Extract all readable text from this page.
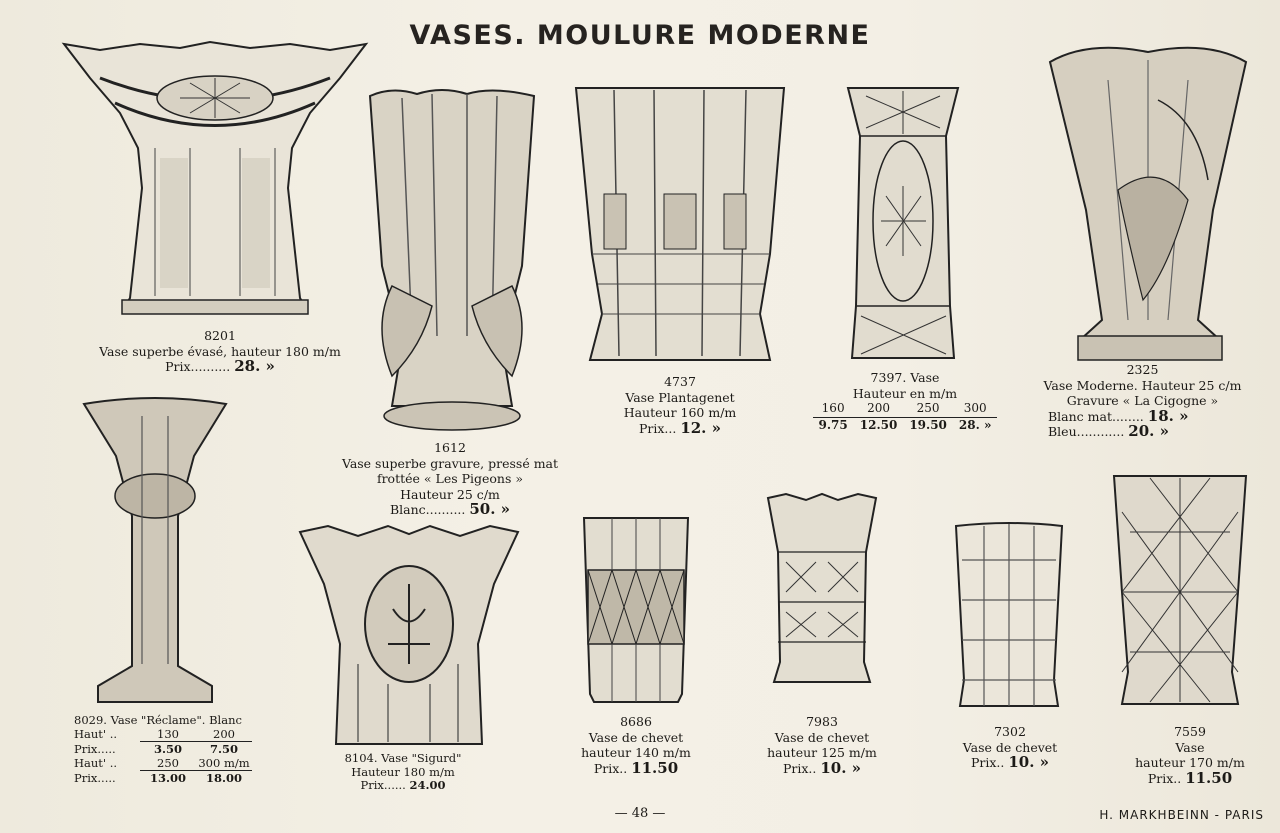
VASES. MOULURE MODERNE
8201
Vase superbe évasé, hauteur 180 m/m
Prix.......... 28. »
1612
Vase superbe gravure, pressé mat
frottée « Les Pigeons »
Hauteur 25 c/m
Blanc.......... 50. »
4737
Vase Plantagenet
Hauteur 160 m/m
Prix... 12. »
7397. Vase
Hauteur en m/m
160	200	250	300
9.75	12.50	19.50	28. »
2325
Vase Moderne. Hauteur 25 c/m
Gravure « La Cigogne »
Blanc mat........ 18. »
Bleu............ 20. »
8029. Vase "Réclame". Blanc
Haut' ..	130	200
Prix.....	3.50 7.50
Haut' ..	250 300 m/m
Prix.....	13.00 18.00
8104. Vase "Sigurd"
Hauteur 180 m/m
Prix...... 24.00
8686
Vase de chevet
hauteur 140 m/m
Prix.. 11.50
7983
Vase de chevet
hauteur 125 m/m
Prix.. 10. »
7302
Vase de chevet
Prix.. 10. »
7559
Vase
hauteur 170 m/m
Prix.. 11.50
— 48 —	H. MARKHBEINN - PARIS
